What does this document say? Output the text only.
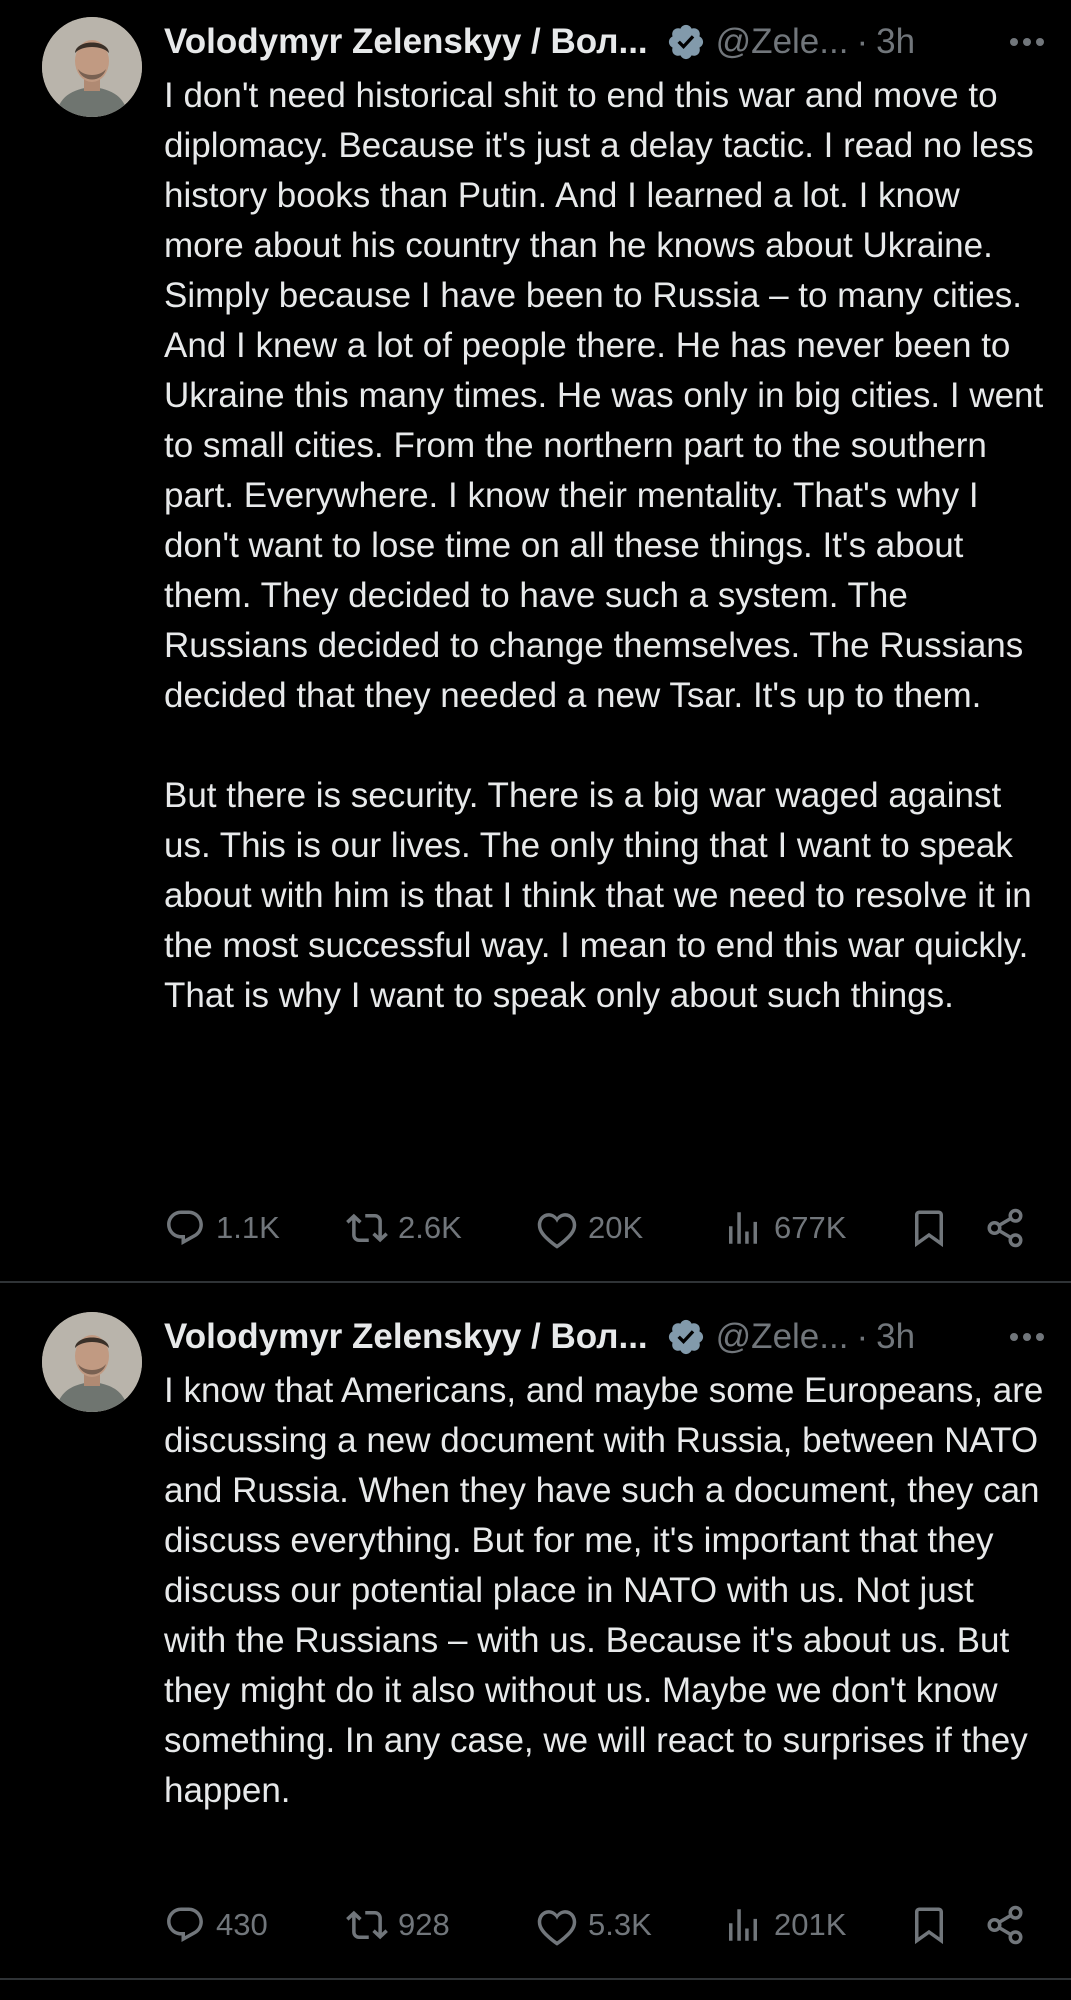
Volodymyr Zelenskyy / Вол... @Zele... · 3h
I don't need historical shit to end this war and move to diplomacy. Because it's just a delay tactic. I read no less history books than Putin. And I learned a lot. I know more about his country than he knows about Ukraine. Simply because I have been to Russia – to many cities. And I knew a lot of people there. He has never been to Ukraine this many times. He was only in big cities. I went to small cities. From the northern part to the southern part. Everywhere. I know their mentality. That's why I don't want to lose time on all these things. It's about them. They decided to have such a system. The Russians decided to change themselves. The Russians decided that they needed a new Tsar. It's up to them.

But there is security. There is a big war waged against us. This is our lives. The only thing that I want to speak about with him is that I think that we need to resolve it in the most successful way. I mean to end this war quickly. That is why I want to speak only about such things.
1.1K	2.6K	20K	677K
Volodymyr Zelenskyy / Вол... @Zele... · 3h
I know that Americans, and maybe some Europeans, are discussing a new document with Russia, between NATO and Russia. When they have such a document, they can discuss everything. But for me, it's important that they discuss our potential place in NATO with us. Not just with the Russians – with us. Because it's about us. But they might do it also without us. Maybe we don't know something. In any case, we will react to surprises if they happen.
430	928	5.3K	201K
